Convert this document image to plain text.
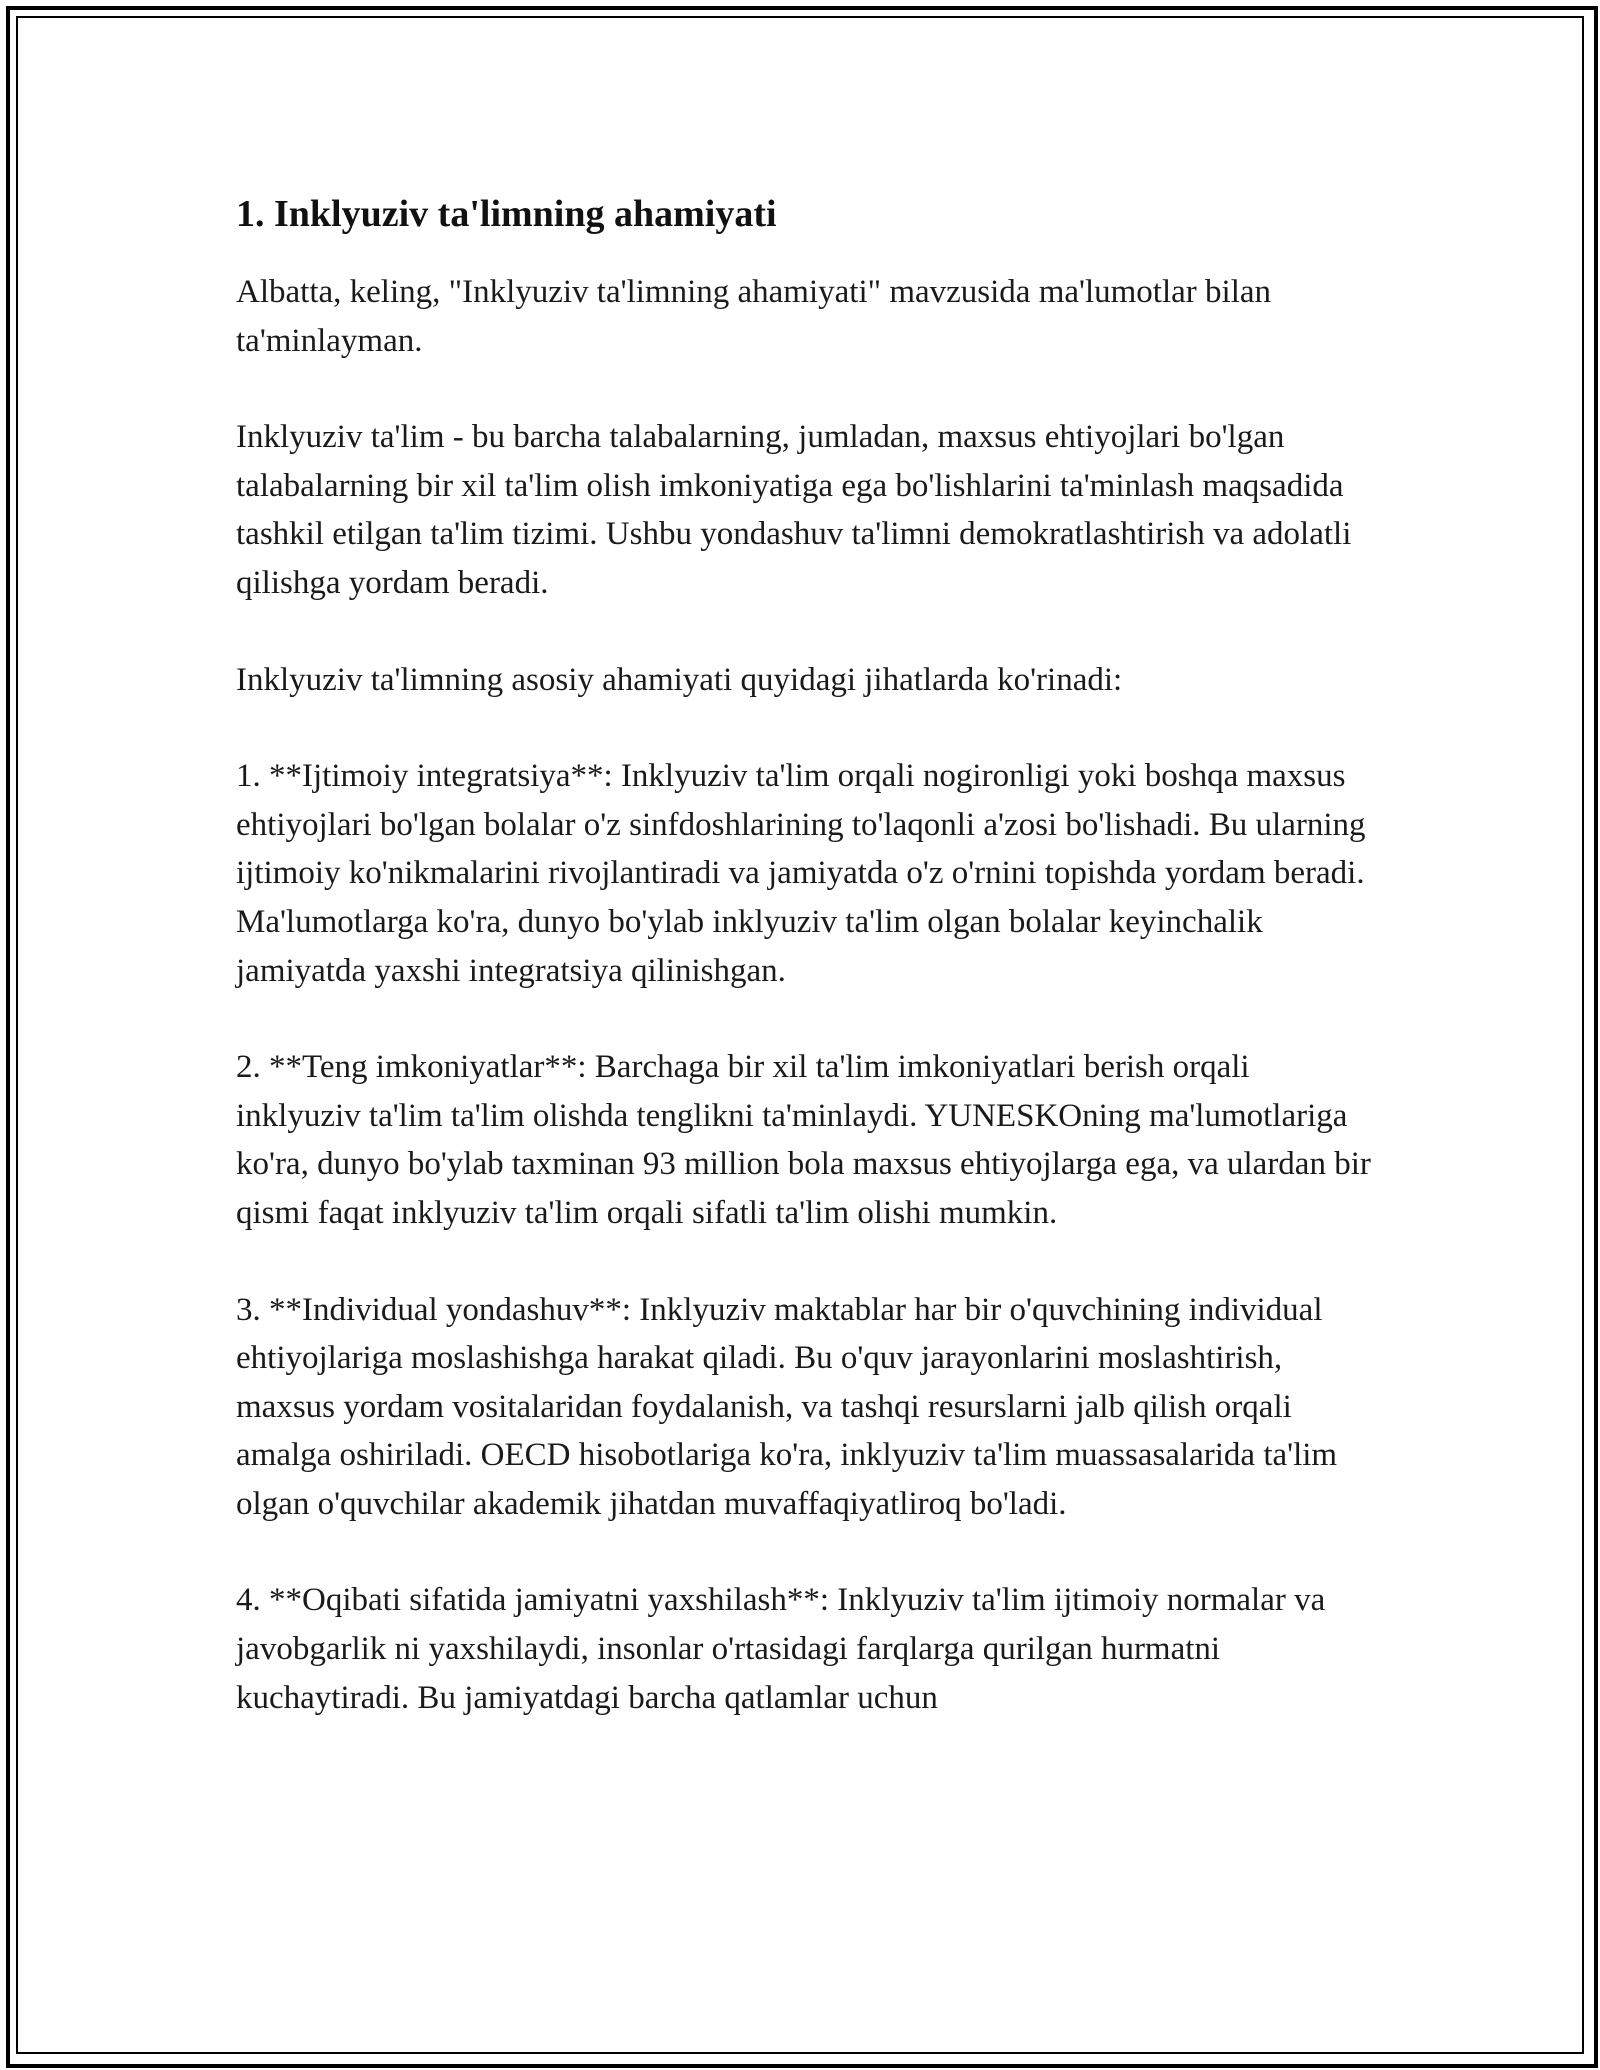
1. Inklyuziv ta'limning ahamiyati

Albatta, keling, "Inklyuziv ta'limning ahamiyati" mavzusida ma'lumotlar bilan ta'minlayman.

Inklyuziv ta'lim - bu barcha talabalarning, jumladan, maxsus ehtiyojlari bo'lgan talabalarning bir xil ta'lim olish imkoniyatiga ega bo'lishlarini ta'minlash maqsadida tashkil etilgan ta'lim tizimi. Ushbu yondashuv ta'limni demokratlashtirish va adolatli qilishga yordam beradi.

Inklyuziv ta'limning asosiy ahamiyati quyidagi jihatlarda ko'rinadi:

1. **Ijtimoiy integratsiya**: Inklyuziv ta'lim orqali nogironligi yoki boshqa maxsus ehtiyojlari bo'lgan bolalar o'z sinfdoshlarining to'laqonli a'zosi bo'lishadi. Bu ularning ijtimoiy ko'nikmalarini rivojlantiradi va jamiyatda o'z o'rnini topishda yordam beradi. Ma'lumotlarga ko'ra, dunyo bo'ylab inklyuziv ta'lim olgan bolalar keyinchalik jamiyatda yaxshi integratsiya qilinishgan.

2. **Teng imkoniyatlar**: Barchaga bir xil ta'lim imkoniyatlari berish orqali inklyuziv ta'lim ta'lim olishda tenglikni ta'minlaydi. YUNESKOning ma'lumotlariga ko'ra, dunyo bo'ylab taxminan 93 million bola maxsus ehtiyojlarga ega, va ulardan bir qismi faqat inklyuziv ta'lim orqali sifatli ta'lim olishi mumkin.

3. **Individual yondashuv**: Inklyuziv maktablar har bir o'quvchining individual ehtiyojlariga moslashishga harakat qiladi. Bu o'quv jarayonlarini moslashtirish, maxsus yordam vositalaridan foydalanish, va tashqi resurslarni jalb qilish orqali amalga oshiriladi. OECD hisobotlariga ko'ra, inklyuziv ta'lim muassasalarida ta'lim olgan o'quvchilar akademik jihatdan muvaffaqiyatliroq bo'ladi.

4. **Oqibati sifatida jamiyatni yaxshilash**: Inklyuziv ta'lim ijtimoiy normalar va javobgarlik ni yaxshilaydi, insonlar o'rtasidagi farqlarga qurilgan hurmatni kuchaytiradi. Bu jamiyatdagi barcha qatlamlar uchun
